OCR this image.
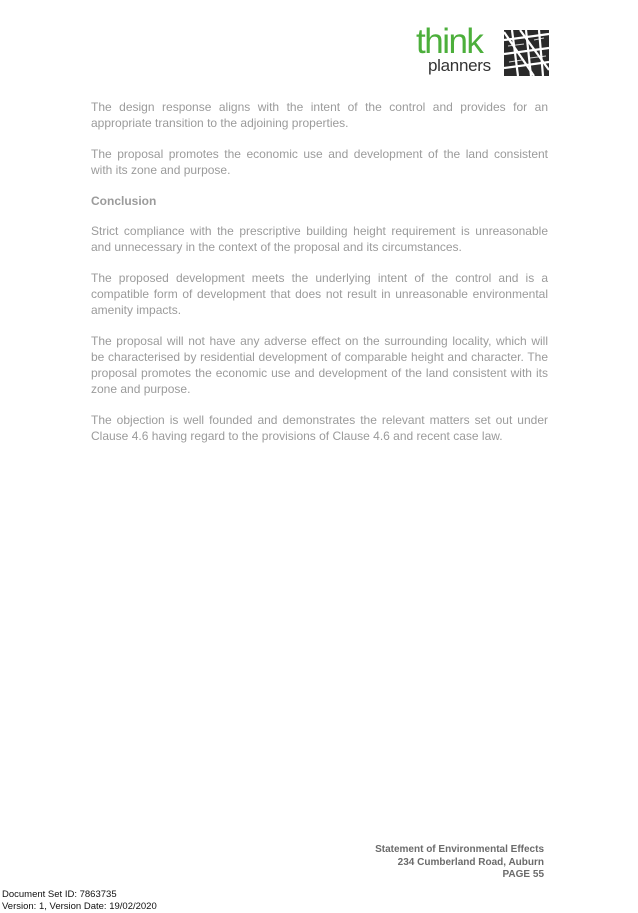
think
planners

The design response aligns with the intent of the control and provides for an appropriate transition to the adjoining properties.

The proposal promotes the economic use and development of the land consistent with its zone and purpose.

Conclusion

Strict compliance with the prescriptive building height requirement is unreasonable and unnecessary in the context of the proposal and its circumstances.

The proposed development meets the underlying intent of the control and is a compatible form of development that does not result in unreasonable environmental amenity impacts.

The proposal will not have any adverse effect on the surrounding locality, which will be characterised by residential development of comparable height and character. The proposal promotes the economic use and development of the land consistent with its zone and purpose.

The objection is well founded and demonstrates the relevant matters set out under Clause 4.6 having regard to the provisions of Clause 4.6 and recent case law.

Statement of Environmental Effects
234 Cumberland Road, Auburn
PAGE 55
Document Set ID: 7863735
Version: 1, Version Date: 19/02/2020
